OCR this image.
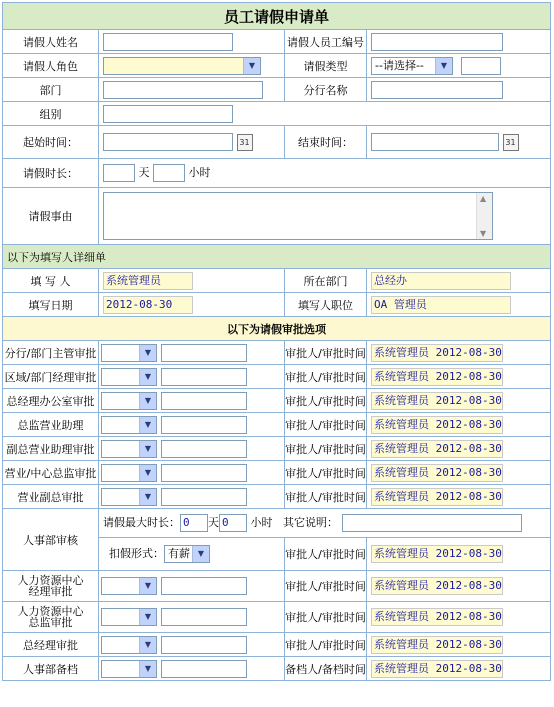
员工请假申请单			
请假人姓名		请假人员工编号	
请假人角色	▼	请假类型	--请选择-- ▼

部门		分行名称	
组别			
起始时间：	31	结束时间：	31
请假时长：	天 小时		
请假事由	▲
▼		

以下为填写人详细单			
填 写 人	系统管理员	所在部门	总经办
填写日期	2012-08-30	填写人职位	OA 管理员
以下为请假审批选项			
分行/部门主管审批	▼	审批人/审批时间	系统管理员 2012-08-30
区域/部门经理审批	▼	审批人/审批时间	系统管理员 2012-08-30
总经理办公室审批	▼	审批人/审批时间	系统管理员 2012-08-30
总监营业助理	▼	审批人/审批时间	系统管理员 2012-08-30
副总营业助理审批	▼	审批人/审批时间	系统管理员 2012-08-30
营业/中心总监审批	▼	审批人/审批时间	系统管理员 2012-08-30
营业副总审批	▼	审批人/审批时间	系统管理员 2012-08-30
人事部审核	请假最大时长： 0 天 0 小时 其它说明：		
	扣假形式： 有薪 ▼	审批人/审批时间	系统管理员 2012-08-30
人力资源中心
经理审批	▼	审批人/审批时间	系统管理员 2012-08-30
人力资源中心
总监审批	▼	审批人/审批时间	系统管理员 2012-08-30
总经理审批	▼	审批人/审批时间	系统管理员 2012-08-30
人事部备档	▼	备档人/备档时间	系统管理员 2012-08-30
